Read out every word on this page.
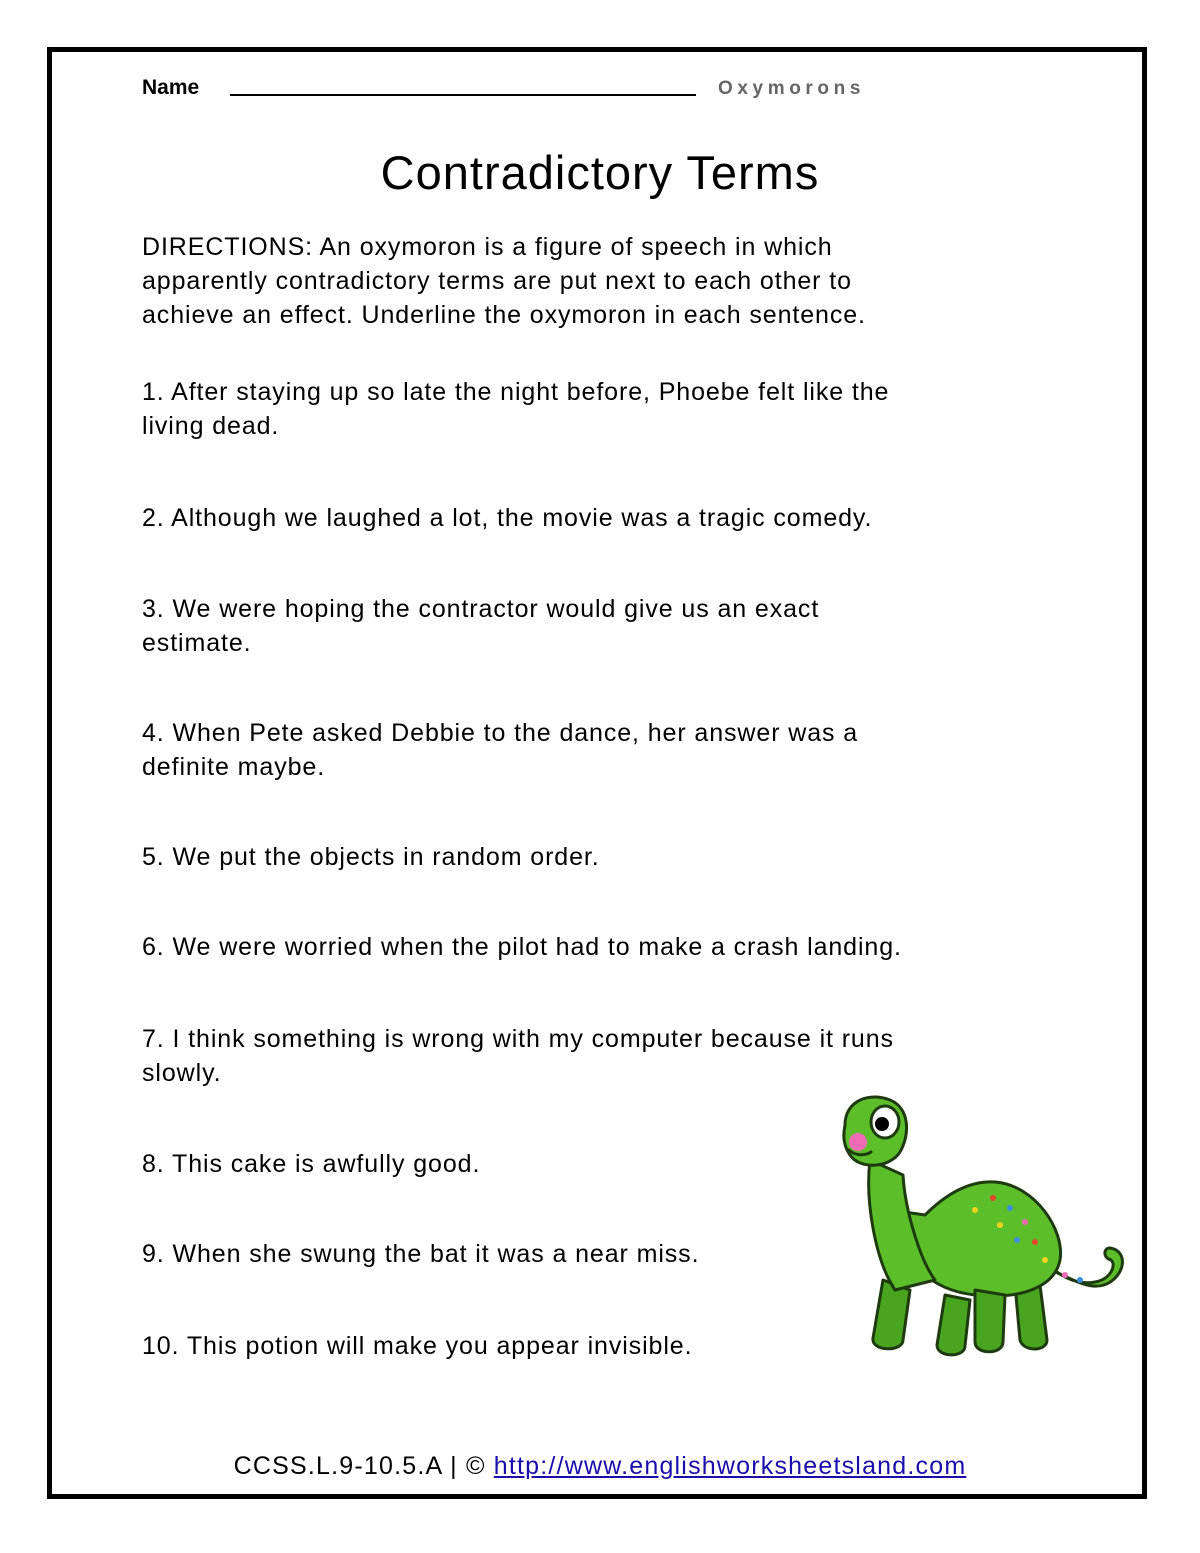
Name	Oxymorons
Contradictory Terms
DIRECTIONS: An oxymoron is a figure of speech in which
apparently contradictory terms are put next to each other to
achieve an effect. Underline the oxymoron in each sentence.
1. After staying up so late the night before, Phoebe felt like the
living dead.
2. Although we laughed a lot, the movie was a tragic comedy.
3. We were hoping the contractor would give us an exact
estimate.
4. When Pete asked Debbie to the dance, her answer was a
definite maybe.
5. We put the objects in random order.
6. We were worried when the pilot had to make a crash landing.
7. I think something is wrong with my computer because it runs
slowly.
8. This cake is awfully good.
9. When she swung the bat it was a near miss.
10. This potion will make you appear invisible.
CCSS.L.9-10.5.A | © http://www.englishworksheetsland.com
